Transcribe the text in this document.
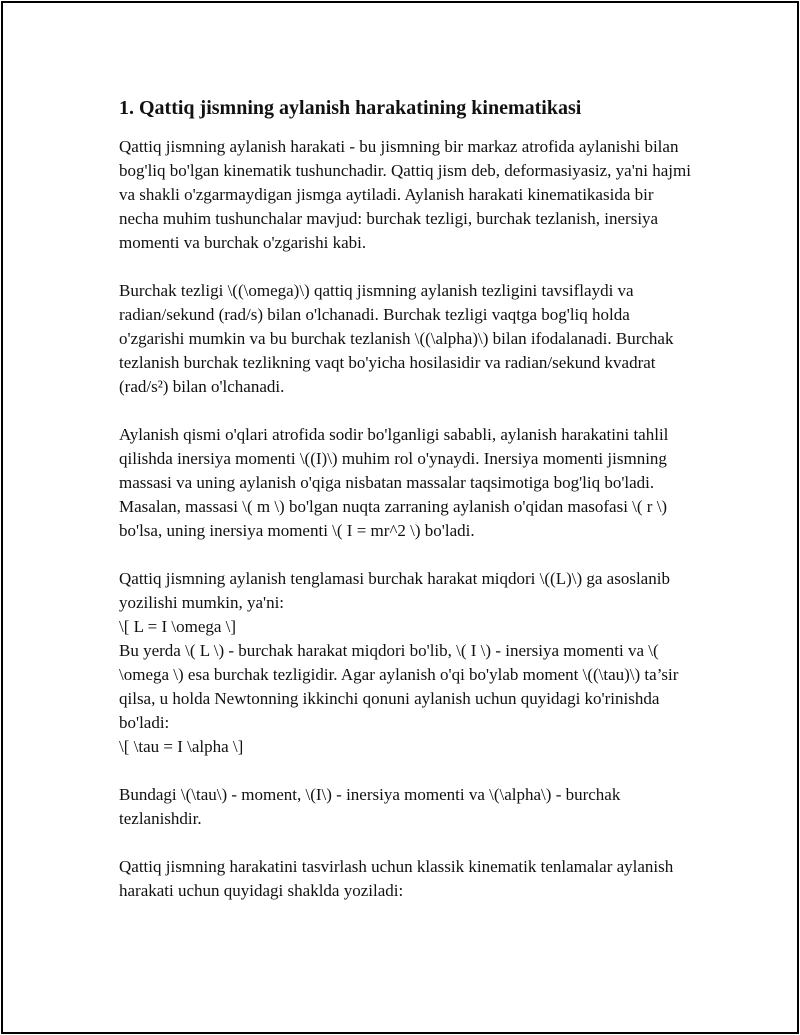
1. Qattiq jismning aylanish harakatining kinematikasi

Qattiq jismning aylanish harakati - bu jismning bir markaz atrofida aylanishi bilan bog'liq bo'lgan kinematik tushunchadir. Qattiq jism deb, deformasiyasiz, ya'ni hajmi va shakli o'zgarmaydigan jismga aytiladi. Aylanish harakati kinematikasida bir necha muhim tushunchalar mavjud: burchak tezligi, burchak tezlanish, inersiya momenti va burchak o'zgarishi kabi.

Burchak tezligi \((\omega)\) qattiq jismning aylanish tezligini tavsiflaydi va radian/sekund (rad/s) bilan o'lchanadi. Burchak tezligi vaqtga bog'liq holda o'zgarishi mumkin va bu burchak tezlanish \((\alpha)\) bilan ifodalanadi. Burchak tezlanish burchak tezlikning vaqt bo'yicha hosilasidir va radian/sekund kvadrat (rad/s²) bilan o'lchanadi.

Aylanish qismi o'qlari atrofida sodir bo'lganligi sababli, aylanish harakatini tahlil qilishda inersiya momenti \((I)\) muhim rol o'ynaydi. Inersiya momenti jismning massasi va uning aylanish o'qiga nisbatan massalar taqsimotiga bog'liq bo'ladi. Masalan, massasi \( m \) bo'lgan nuqta zarraning aylanish o'qidan masofasi \( r \) bo'lsa, uning inersiya momenti \( I = mr^2 \) bo'ladi.

Qattiq jismning aylanish tenglamasi burchak harakat miqdori \((L)\) ga asoslanib yozilishi mumkin, ya'ni:
\[ L = I \omega \]
Bu yerda \( L \) - burchak harakat miqdori bo'lib, \( I \) - inersiya momenti va \( \omega \) esa burchak tezligidir. Agar aylanish o'qi bo'ylab moment \((\tau)\) ta’sir qilsa, u holda Newtonning ikkinchi qonuni aylanish uchun quyidagi ko'rinishda bo'ladi:
\[ \tau = I \alpha \]

Bundagi \(\tau\) - moment, \(I\) - inersiya momenti va \(\alpha\) - burchak tezlanishdir.

Qattiq jismning harakatini tasvirlash uchun klassik kinematik tenlamalar aylanish harakati uchun quyidagi shaklda yoziladi:
